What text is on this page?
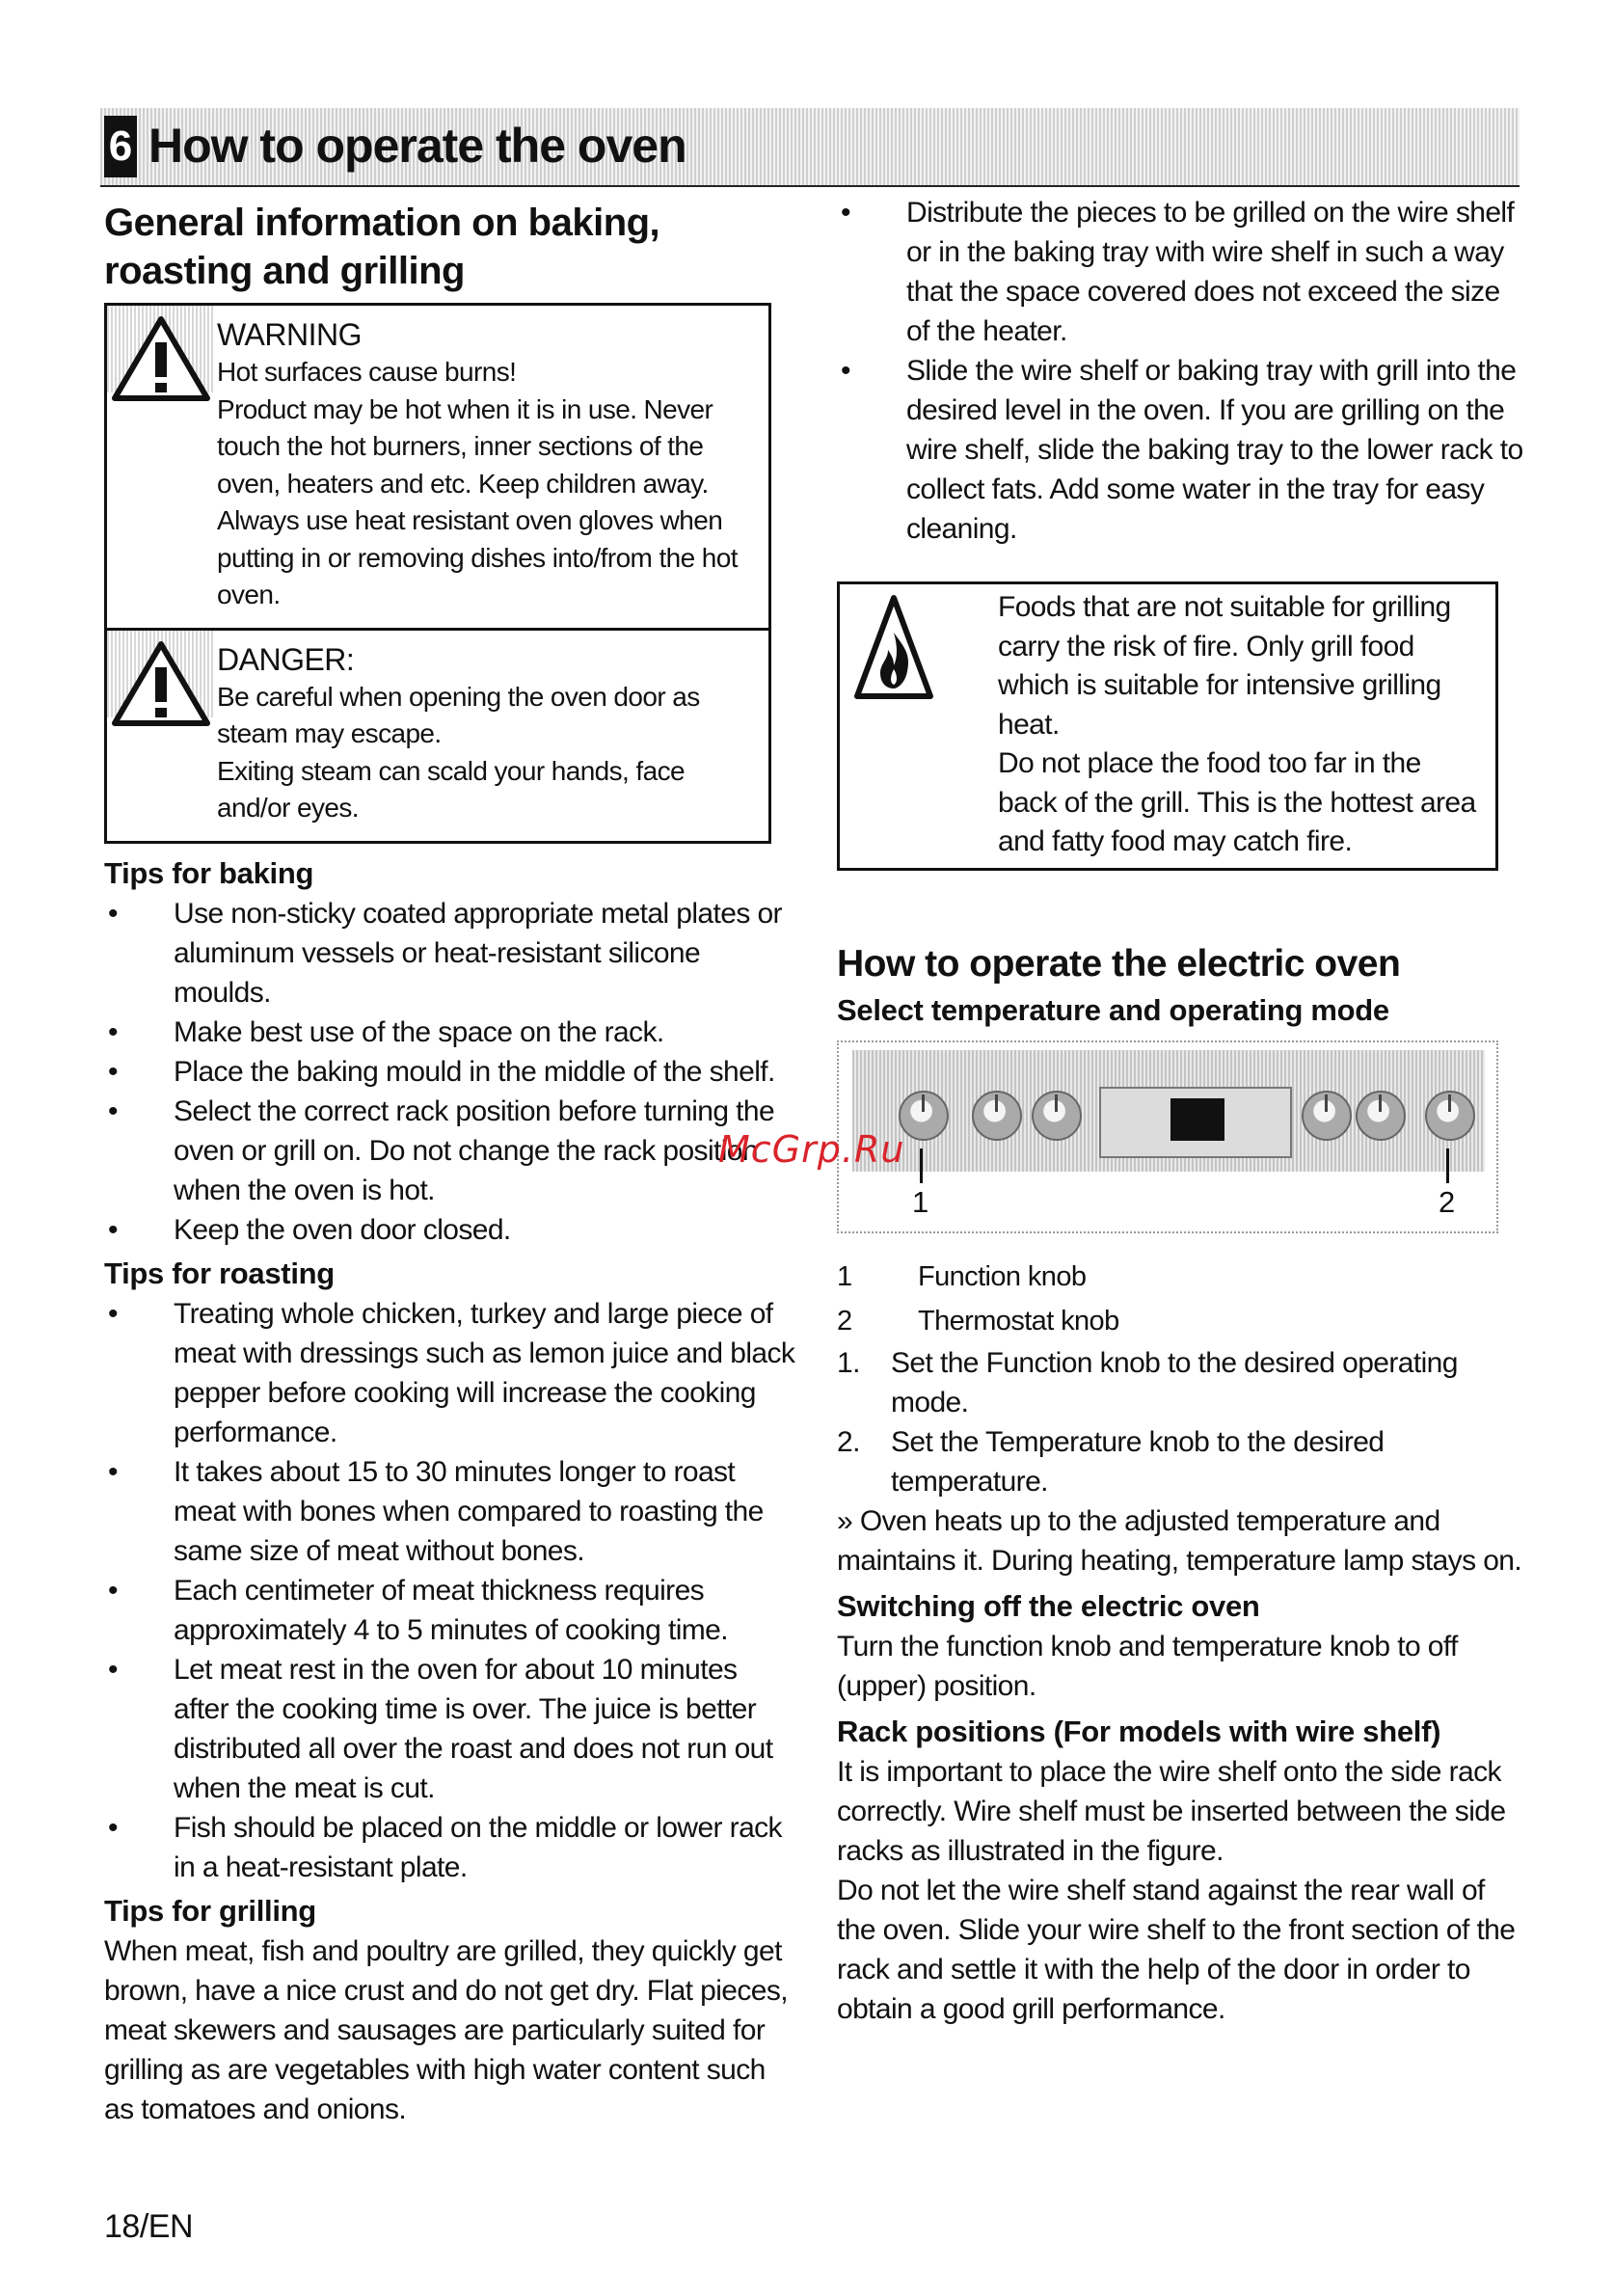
6 How to operate the oven
General information on baking, roasting and grilling
WARNING

Hot surfaces cause burns!

Product may be hot when it is in use. Never touch the hot burners, inner sections of the oven, heaters and etc. Keep children away. Always use heat resistant oven gloves when putting in or removing dishes into/from the hot oven.

DANGER:

Be careful when opening the oven door as steam may escape.

Exiting steam can scald your hands, face and/or eyes.

Tips for baking
• Use non-sticky coated appropriate metal plates or aluminum vessels or heat-resistant silicone moulds.
• Make best use of the space on the rack.
• Place the baking mould in the middle of the shelf.
• Select the correct rack position before turning the oven or grill on. Do not change the rack position when the oven is hot.
• Keep the oven door closed.
Tips for roasting
• Treating whole chicken, turkey and large piece of meat with dressings such as lemon juice and black pepper before cooking will increase the cooking performance.
• It takes about 15 to 30 minutes longer to roast meat with bones when compared to roasting the same size of meat without bones.
• Each centimeter of meat thickness requires approximately 4 to 5 minutes of cooking time.
• Let meat rest in the oven for about 10 minutes after the cooking time is over. The juice is better distributed all over the roast and does not run out when the meat is cut.
• Fish should be placed on the middle or lower rack in a heat-resistant plate.
Tips for grilling

When meat, fish and poultry are grilled, they quickly get brown, have a nice crust and do not get dry. Flat pieces, meat skewers and sausages are particularly suited for grilling as are vegetables with high water content such as tomatoes and onions.

• Distribute the pieces to be grilled on the wire shelf or in the baking tray with wire shelf in such a way that the space covered does not exceed the size of the heater.
• Slide the wire shelf or baking tray with grill into the desired level in the oven. If you are grilling on the wire shelf, slide the baking tray to the lower rack to collect fats. Add some water in the tray for easy cleaning.

Foods that are not suitable for grilling carry the risk of fire. Only grill food which is suitable for intensive grilling heat.

Do not place the food too far in the back of the grill. This is the hottest area and fatty food may catch fire.

How to operate the electric oven
Select temperature and operating mode
1	2
1	Function knob
2	Thermostat knob
1. Set the Function knob to the desired operating mode.
2. Set the Temperature knob to the desired temperature.

» Oven heats up to the adjusted temperature and maintains it. During heating, temperature lamp stays on.

Switching off the electric oven

Turn the function knob and temperature knob to off (upper) position.

Rack positions (For models with wire shelf)

It is important to place the wire shelf onto the side rack correctly. Wire shelf must be inserted between the side racks as illustrated in the figure.

Do not let the wire shelf stand against the rear wall of the oven. Slide your wire shelf to the front section of the rack and settle it with the help of the door in order to obtain a good grill performance.

McGrp.Ru
18/EN
